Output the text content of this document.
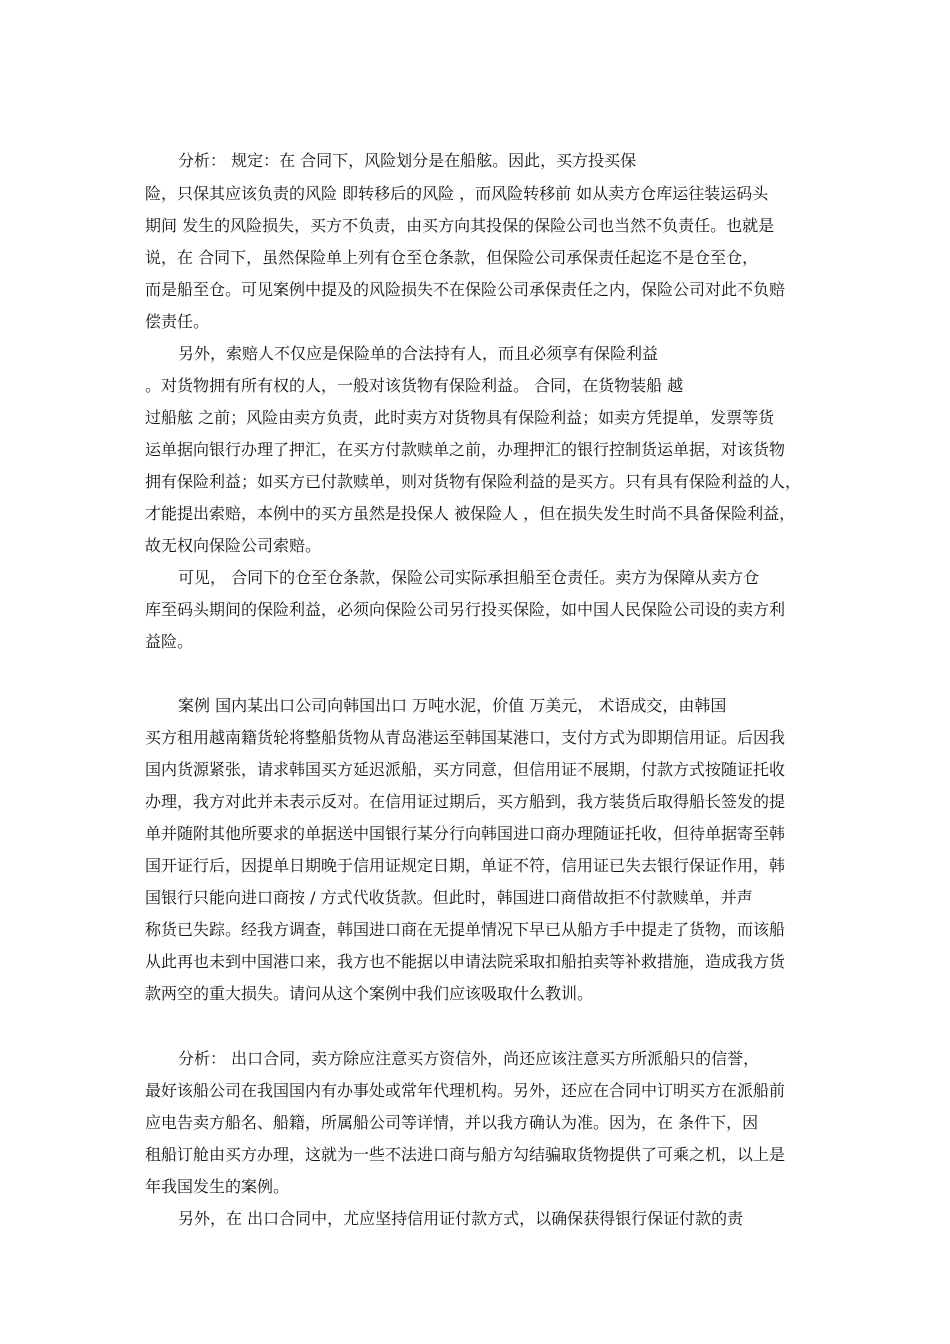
分析： 规定：在 合同下，风险划分是在船舷。因此，买方投买保
险，只保其应该负责的风险 即转移后的风险 ，而风险转移前 如从卖方仓库运往装运码头
期间 发生的风险损失，买方不负责，由买方向其投保的保险公司也当然不负责任。也就是
说，在 合同下，虽然保险单上列有仓至仓条款，但保险公司承保责任起迄不是仓至仓，
而是船至仓。可见案例中提及的风险损失不在保险公司承保责任之内，保险公司对此不负赔
偿责任。
另外，索赔人不仅应是保险单的合法持有人，而且必须享有保险利益
。对货物拥有所有权的人，一般对该货物有保险利益。 合同，在货物装船 越
过船舷 之前；风险由卖方负责，此时卖方对货物具有保险利益；如卖方凭提单，发票等货
运单据向银行办理了押汇，在买方付款赎单之前，办理押汇的银行控制货运单据，对该货物
拥有保险利益；如买方已付款赎单，则对货物有保险利益的是买方。只有具有保险利益的人，
才能提出索赔，本例中的买方虽然是投保人 被保险人 ，但在损失发生时尚不具备保险利益，
故无权向保险公司索赔。
可见， 合同下的仓至仓条款，保险公司实际承担船至仓责任。卖方为保障从卖方仓
库至码头期间的保险利益，必须向保险公司另行投买保险，如中国人民保险公司设的卖方利
益险。
案例 国内某出口公司向韩国出口 万吨水泥，价值 万美元， 术语成交，由韩国
买方租用越南籍货轮将整船货物从青岛港运至韩国某港口，支付方式为即期信用证。后因我
国内货源紧张，请求韩国买方延迟派船，买方同意，但信用证不展期，付款方式按随证托收
办理，我方对此并未表示反对。在信用证过期后，买方船到，我方装货后取得船长签发的提
单并随附其他所要求的单据送中国银行某分行向韩国进口商办理随证托收，但待单据寄至韩
国开证行后，因提单日期晚于信用证规定日期，单证不符，信用证已失去银行保证作用，韩
国银行只能向进口商按 / 方式代收货款。但此时，韩国进口商借故拒不付款赎单，并声
称货已失踪。经我方调查，韩国进口商在无提单情况下早已从船方手中提走了货物，而该船
从此再也未到中国港口来，我方也不能据以申请法院采取扣船拍卖等补救措施，造成我方货
款两空的重大损失。请问从这个案例中我们应该吸取什么教训。
分析： 出口合同，卖方除应注意买方资信外，尚还应该注意买方所派船只的信誉，
最好该船公司在我国国内有办事处或常年代理机构。另外，还应在合同中订明买方在派船前
应电告卖方船名、船籍，所属船公司等详情，并以我方确认为准。因为，在 条件下，因
租船订舱由买方办理，这就为一些不法进口商与船方勾结骗取货物提供了可乘之机，以上是
年我国发生的案例。
另外，在 出口合同中，尤应坚持信用证付款方式，以确保获得银行保证付款的责
